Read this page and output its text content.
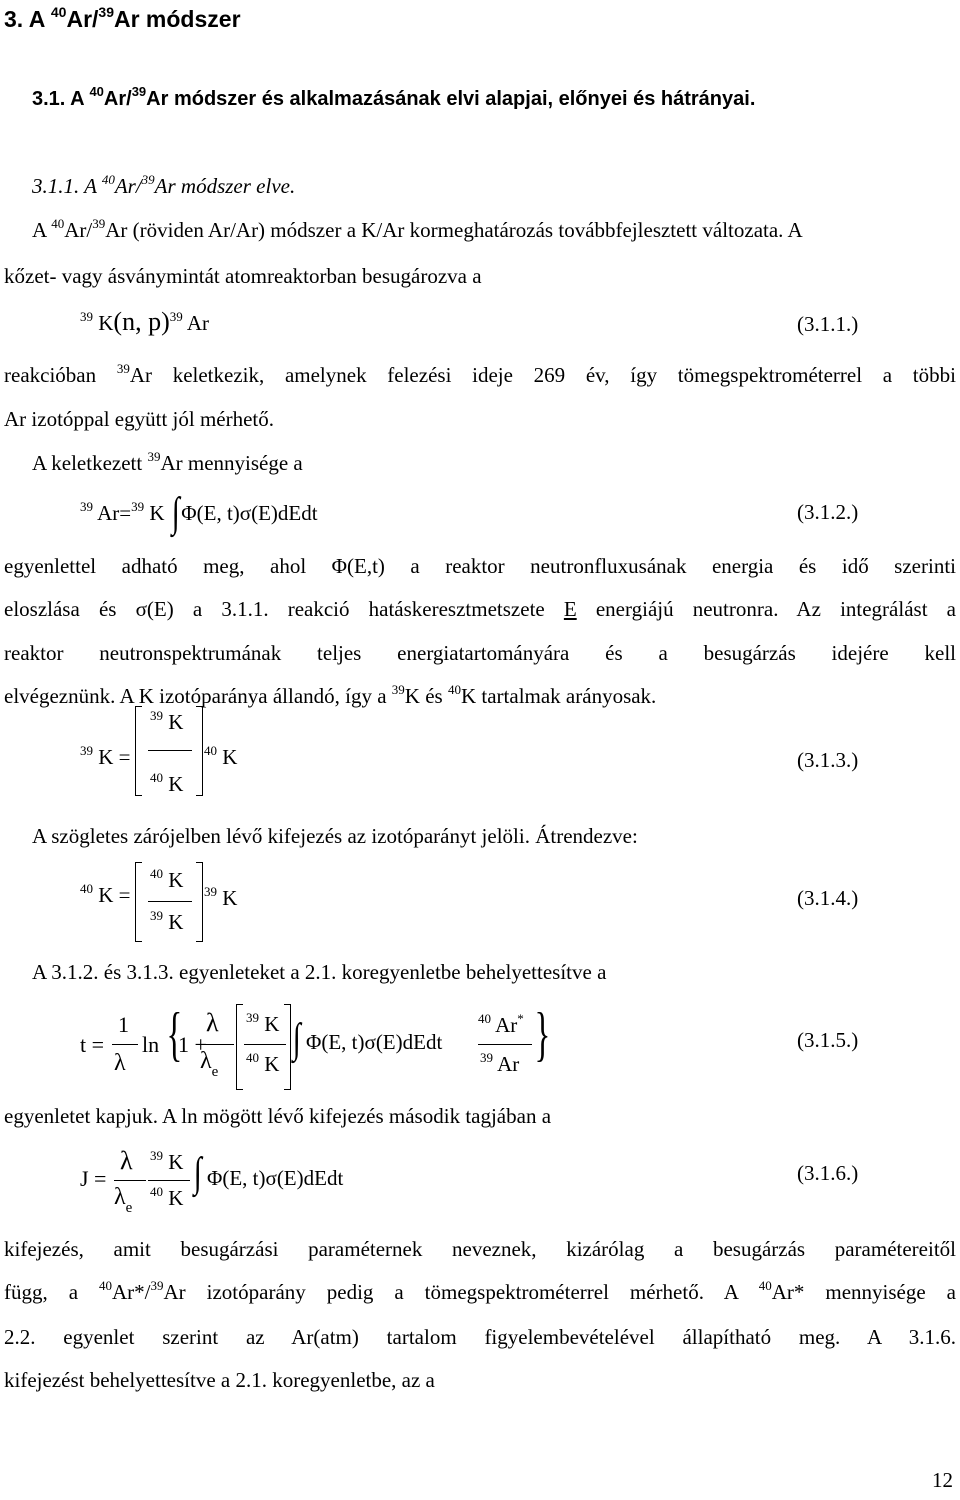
3. A $^{40}$Ar/$^{39}$Ar módszer
3.1. A $^{40}$Ar/$^{39}$Ar módszer és alkalmazásának elvi alapjai, előnyei és hátrányai.
3.1.1. A $^{40}$Ar/$^{39}$Ar módszer elve.
A $^{40}$Ar/$^{39}$Ar (röviden Ar/Ar) módszer a K/Ar kormeghatározás továbbfejlesztett változata. A
kőzet- vagy ásványmintát atomreaktorban besugározva a
$^{39}$ K(n, p)$^{39}$ Ar	(3.1.1.)
reakcióban $^{39}$Ar keletkezik, amelynek felezési ideje 269 év, így tömegspektrométerrel a többi
Ar izotóppal együtt jól mérhető.
A keletkezett $^{39}$Ar mennyisége a
$^{39}$ Ar=$^{39}$ K ∫Φ(E, t)σ(E)dEdt	(3.1.2.)
egyenlettel adható meg, ahol Φ(E,t) a reaktor neutronfluxusának energia és idő szerinti
eloszlása és σ(E) a 3.1.1. reakció hatáskeresztmetszete E energiájú neutronra. Az integrálást a
reaktor neutronspektrumának teljes energiatartományára és a besugárzás idejére kell
elvégeznünk. A K izotóparánya állandó, így a $^{39}$K és $^{40}$K tartalmak arányosak.
$^{39}$ K =
$^{39}$ K
$^{40}$ K
$^{40}$ K	(3.1.3.)
A szögletes zárójelben lévő kifejezés az izotóparányt jelöli. Átrendezve:
$^{40}$ K =
$^{40}$ K
$^{39}$ K
$^{39}$ K	(3.1.4.)
A 3.1.2. és 3.1.3. egyenleteket a 2.1. koregyenletbe behelyettesítve a
t =
1
λ
ln {
1 +
λ
$\lambda_e$
$^{39}$ K
$^{40}$ K
∫ Φ(E, t)σ(E)dEdt
$^{40}$ Ar*
$^{39}$ Ar }	(3.1.5.)
egyenletet kapjuk. A ln mögött lévő kifejezés második tagjában a
J =
λ
$\lambda_e$
$^{39}$ K
$^{40}$ K
∫ Φ(E, t)σ(E)dEdt	(3.1.6.)
kifejezés, amit besugárzási paraméternek neveznek, kizárólag a besugárzás paramétereitől
függ, a $^{40}$Ar*/$^{39}$Ar izotóparány pedig a tömegspektrométerrel mérhető. A $^{40}$Ar* mennyisége a
2.2. egyenlet szerint az Ar(atm) tartalom figyelembevételével állapítható meg. A 3.1.6.
kifejezést behelyettesítve a 2.1. koregyenletbe, az a
12
